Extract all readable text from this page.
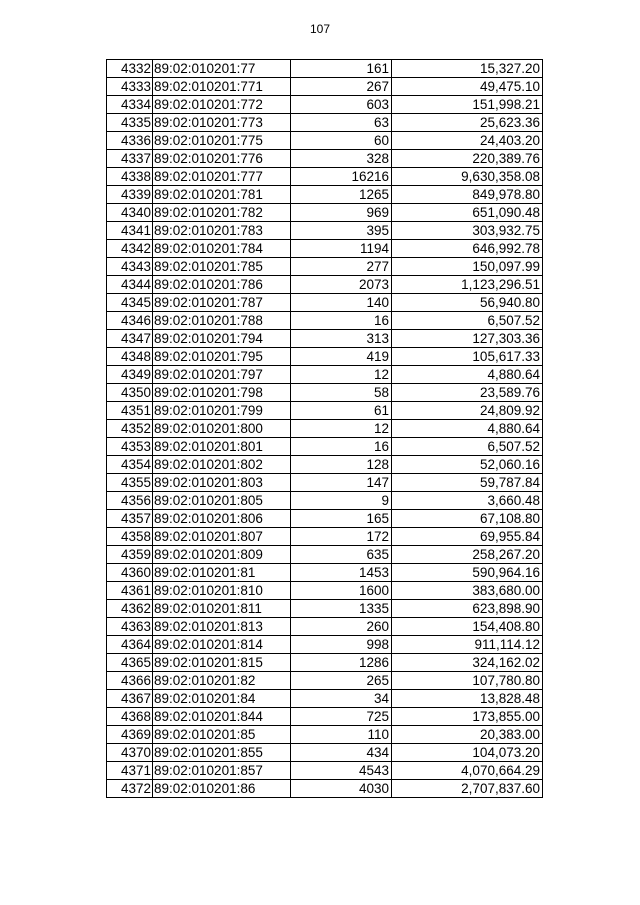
107
4332	89:02:010201:77	161	15,327.20
4333	89:02:010201:771	267	49,475.10
4334	89:02:010201:772	603	151,998.21
4335	89:02:010201:773	63	25,623.36
4336	89:02:010201:775	60	24,403.20
4337	89:02:010201:776	328	220,389.76
4338	89:02:010201:777	16216	9,630,358.08
4339	89:02:010201:781	1265	849,978.80
4340	89:02:010201:782	969	651,090.48
4341	89:02:010201:783	395	303,932.75
4342	89:02:010201:784	1194	646,992.78
4343	89:02:010201:785	277	150,097.99
4344	89:02:010201:786	2073	1,123,296.51
4345	89:02:010201:787	140	56,940.80
4346	89:02:010201:788	16	6,507.52
4347	89:02:010201:794	313	127,303.36
4348	89:02:010201:795	419	105,617.33
4349	89:02:010201:797	12	4,880.64
4350	89:02:010201:798	58	23,589.76
4351	89:02:010201:799	61	24,809.92
4352	89:02:010201:800	12	4,880.64
4353	89:02:010201:801	16	6,507.52
4354	89:02:010201:802	128	52,060.16
4355	89:02:010201:803	147	59,787.84
4356	89:02:010201:805	9	3,660.48
4357	89:02:010201:806	165	67,108.80
4358	89:02:010201:807	172	69,955.84
4359	89:02:010201:809	635	258,267.20
4360	89:02:010201:81	1453	590,964.16
4361	89:02:010201:810	1600	383,680.00
4362	89:02:010201:811	1335	623,898.90
4363	89:02:010201:813	260	154,408.80
4364	89:02:010201:814	998	911,114.12
4365	89:02:010201:815	1286	324,162.02
4366	89:02:010201:82	265	107,780.80
4367	89:02:010201:84	34	13,828.48
4368	89:02:010201:844	725	173,855.00
4369	89:02:010201:85	110	20,383.00
4370	89:02:010201:855	434	104,073.20
4371	89:02:010201:857	4543	4,070,664.29
4372	89:02:010201:86	4030	2,707,837.60
